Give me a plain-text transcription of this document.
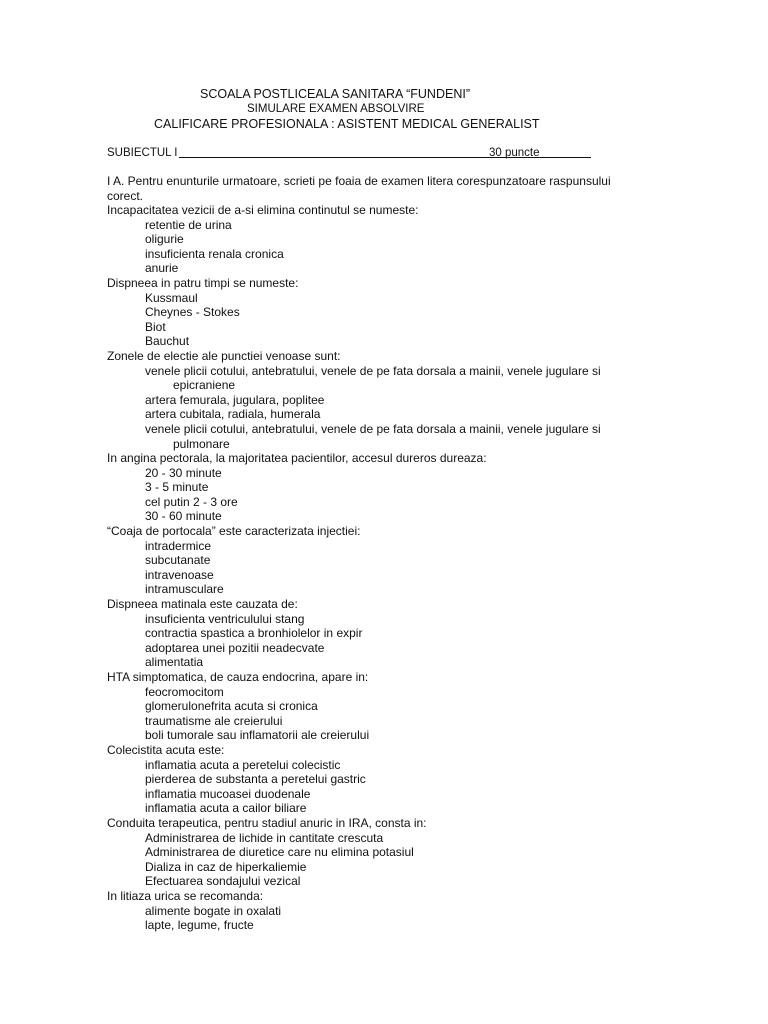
SCOALA POSTLICEALA SANITARA “FUNDENI”
SIMULARE EXAMEN ABSOLVIRE
CALIFICARE PROFESIONALA : ASISTENT MEDICAL GENERALIST
SUBIECTUL I	30 puncte
I A. Pentru enunturile urmatoare, scrieti pe foaia de examen litera corespunzatoare raspunsului corect.
Incapacitatea vezicii de a-si elimina continutul se numeste:
retentie de urina
oligurie
insuficienta renala cronica
anurie
Dispneea in patru timpi se numeste:
Kussmaul
Cheynes - Stokes
Biot
Bauchut
Zonele de electie ale punctiei venoase sunt:
venele plicii cotului, antebratului, venele de pe fata dorsala a mainii, venele jugulare si epicraniene
artera femurala, jugulara, poplitee
artera cubitala, radiala, humerala
venele plicii cotului, antebratului, venele de pe fata dorsala a mainii, venele jugulare si pulmonare
In angina pectorala, la majoritatea pacientilor, accesul dureros dureaza:
20 - 30 minute
3 - 5 minute
cel putin 2 - 3 ore
30 - 60 minute
“Coaja de portocala” este caracterizata injectiei:
intradermice
subcutanate
intravenoase
intramusculare
Dispneea matinala este cauzata de:
insuficienta ventriculului stang
contractia spastica a bronhiolelor in expir
adoptarea unei pozitii neadecvate
alimentatia
HTA simptomatica, de cauza endocrina, apare in:
feocromocitom
glomerulonefrita acuta si cronica
traumatisme ale creierului
boli tumorale sau inflamatorii ale creierului
Colecistita acuta este:
inflamatia acuta a peretelui colecistic
pierderea de substanta a peretelui gastric
inflamatia mucoasei duodenale
inflamatia acuta a cailor biliare
Conduita terapeutica, pentru stadiul anuric in IRA, consta in:
Administrarea de lichide in cantitate crescuta
Administrarea de diuretice care nu elimina potasiul
Dializa in caz de hiperkaliemie
Efectuarea sondajului vezical
In litiaza urica se recomanda:
alimente bogate in oxalati
lapte, legume, fructe
